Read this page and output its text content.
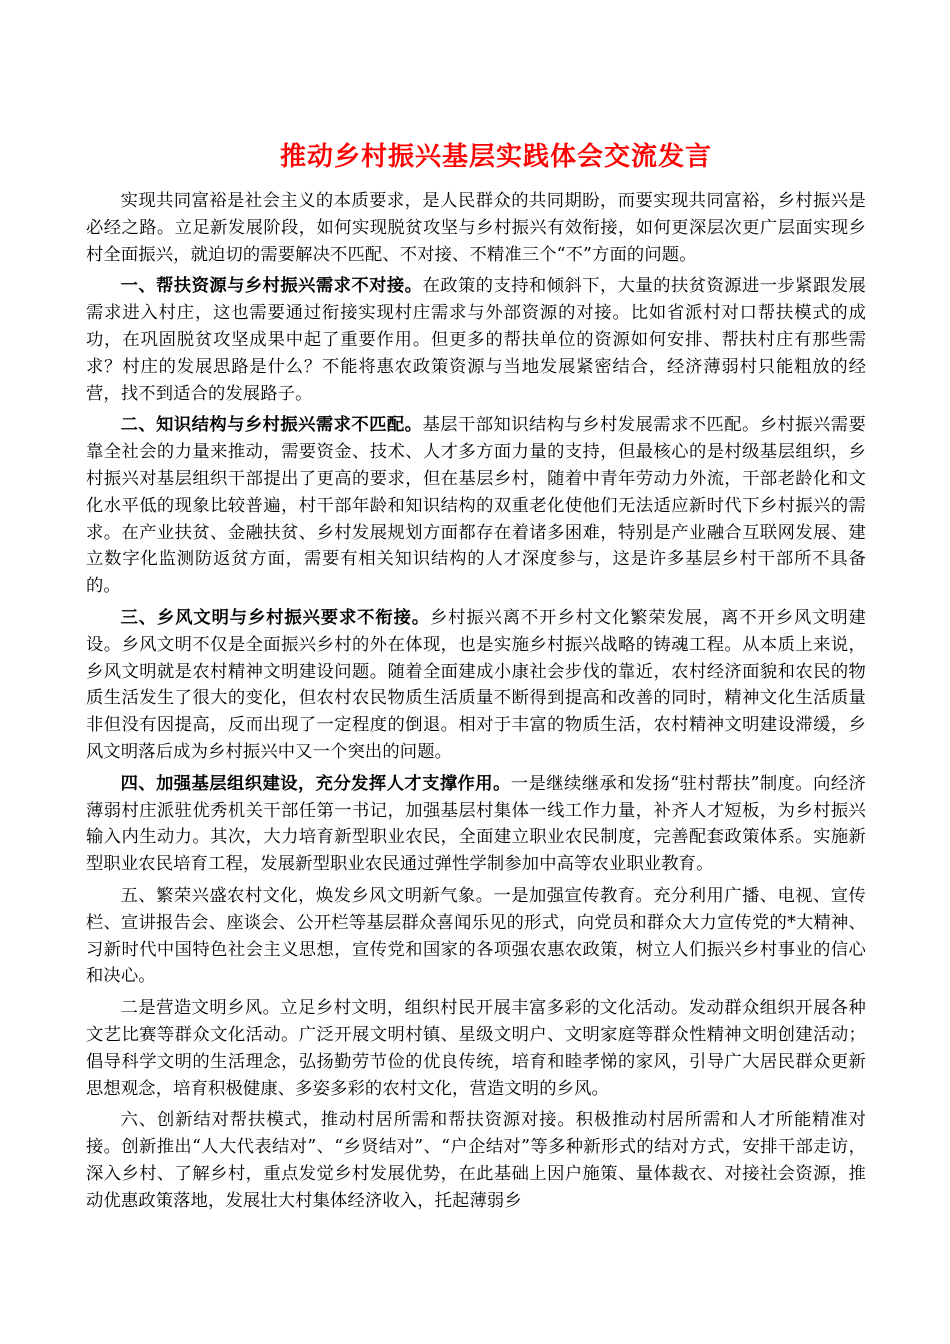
推动乡村振兴基层实践体会交流发言

实现共同富裕是社会主义的本质要求，是人民群众的共同期盼，而要实现共同富裕，乡村振兴是必经之路。立足新发展阶段，如何实现脱贫攻坚与乡村振兴有效衔接，如何更深层次更广层面实现乡村全面振兴，就迫切的需要解决不匹配、不对接、不精准三个“不”方面的问题。

一、帮扶资源与乡村振兴需求不对接。在政策的支持和倾斜下，大量的扶贫资源进一步紧跟发展需求进入村庄，这也需要通过衔接实现村庄需求与外部资源的对接。比如省派村对口帮扶模式的成功，在巩固脱贫攻坚成果中起了重要作用。但更多的帮扶单位的资源如何安排、帮扶村庄有那些需求？村庄的发展思路是什么？不能将惠农政策资源与当地发展紧密结合，经济薄弱村只能粗放的经营，找不到适合的发展路子。

二、知识结构与乡村振兴需求不匹配。基层干部知识结构与乡村发展需求不匹配。乡村振兴需要靠全社会的力量来推动，需要资金、技术、人才多方面力量的支持，但最核心的是村级基层组织，乡村振兴对基层组织干部提出了更高的要求，但在基层乡村，随着中青年劳动力外流，干部老龄化和文化水平低的现象比较普遍，村干部年龄和知识结构的双重老化使他们无法适应新时代下乡村振兴的需求。在产业扶贫、金融扶贫、乡村发展规划方面都存在着诸多困难，特别是产业融合互联网发展、建立数字化监测防返贫方面，需要有相关知识结构的人才深度参与，这是许多基层乡村干部所不具备的。

三、乡风文明与乡村振兴要求不衔接。乡村振兴离不开乡村文化繁荣发展，离不开乡风文明建设。乡风文明不仅是全面振兴乡村的外在体现，也是实施乡村振兴战略的铸魂工程。从本质上来说，乡风文明就是农村精神文明建设问题。随着全面建成小康社会步伐的靠近，农村经济面貌和农民的物质生活发生了很大的变化，但农村农民物质生活质量不断得到提高和改善的同时，精神文化生活质量非但没有因提高，反而出现了一定程度的倒退。相对于丰富的物质生活，农村精神文明建设滞缓，乡风文明落后成为乡村振兴中又一个突出的问题。

四、加强基层组织建设，充分发挥人才支撑作用。一是继续继承和发扬“驻村帮扶”制度。向经济薄弱村庄派驻优秀机关干部任第一书记，加强基层村集体一线工作力量，补齐人才短板，为乡村振兴输入内生动力。其次，大力培育新型职业农民，全面建立职业农民制度，完善配套政策体系。实施新型职业农民培育工程，发展新型职业农民通过弹性学制参加中高等农业职业教育。

五、繁荣兴盛农村文化，焕发乡风文明新气象。一是加强宣传教育。充分利用广播、电视、宣传栏、宣讲报告会、座谈会、公开栏等基层群众喜闻乐见的形式，向党员和群众大力宣传党的*大精神、习新时代中国特色社会主义思想，宣传党和国家的各项强农惠农政策，树立人们振兴乡村事业的信心和决心。

二是营造文明乡风。立足乡村文明，组织村民开展丰富多彩的文化活动。发动群众组织开展各种文艺比赛等群众文化活动。广泛开展文明村镇、星级文明户、文明家庭等群众性精神文明创建活动；倡导科学文明的生活理念，弘扬勤劳节俭的优良传统，培育和睦孝悌的家风，引导广大居民群众更新思想观念，培育积极健康、多姿多彩的农村文化，营造文明的乡风。

六、创新结对帮扶模式，推动村居所需和帮扶资源对接。积极推动村居所需和人才所能精准对接。创新推出“人大代表结对”、“乡贤结对”、“户企结对”等多种新形式的结对方式，安排干部走访，深入乡村、了解乡村，重点发觉乡村发展优势，在此基础上因户施策、量体裁衣、对接社会资源，推动优惠政策落地，发展壮大村集体经济收入，托起薄弱乡
